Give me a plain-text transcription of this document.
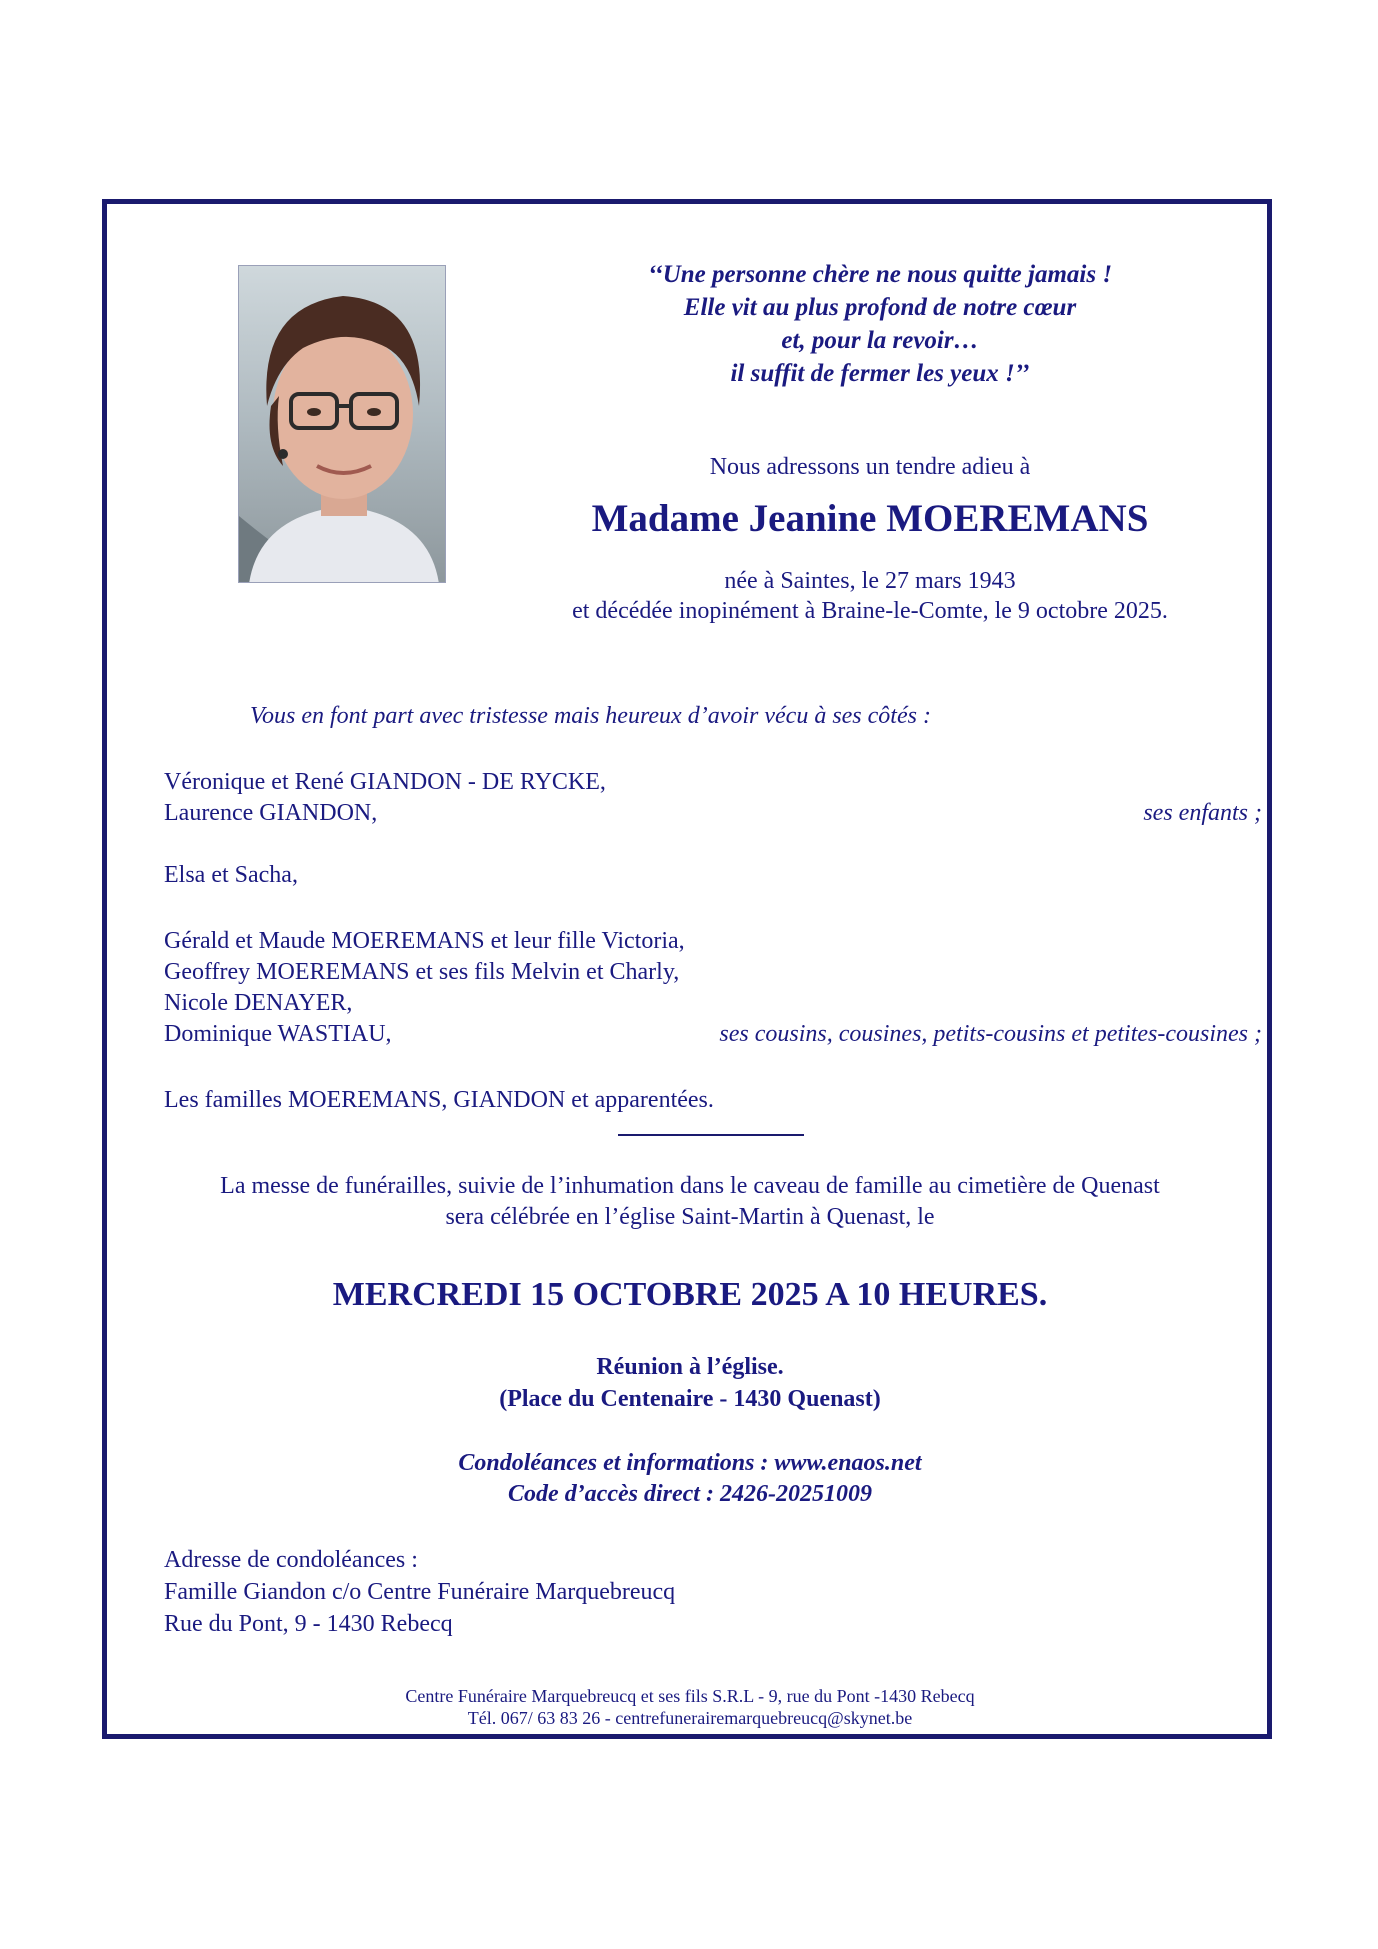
‘‘Une personne chère ne nous quitte jamais !
Elle vit au plus profond de notre cœur
et, pour la revoir…
il suffit de fermer les yeux !’’

Nous adressons un tendre adieu à

Madame Jeanine MOEREMANS

née à Saintes, le 27 mars 1943

et décédée inopinément à Braine-le-Comte, le 9 octobre 2025.

Vous en font part avec tristesse mais heureux d’avoir vécu à ses côtés :

Véronique et René GIANDON - DE RYCKE,

Laurence GIANDON,	ses enfants ;

Elsa et Sacha,

Gérald et Maude MOEREMANS et leur fille Victoria,

Geoffrey MOEREMANS et ses fils Melvin et Charly,

Nicole DENAYER,

Dominique WASTIAU,	ses cousins, cousines, petits-cousins et petites-cousines ;

Les familles MOEREMANS, GIANDON et apparentées.

La messe de funérailles, suivie de l’inhumation dans le caveau de famille au cimetière de Quenast

sera célébrée en l’église Saint-Martin à Quenast, le

MERCREDI 15 OCTOBRE 2025 A 10 HEURES.

Réunion à l’église.

(Place du Centenaire - 1430 Quenast)

Condoléances et informations : www.enaos.net

Code d’accès direct : 2426-20251009

Adresse de condoléances :

Famille Giandon c/o Centre Funéraire Marquebreucq

Rue du Pont, 9 - 1430 Rebecq

Centre Funéraire Marquebreucq et ses fils S.R.L - 9, rue du Pont -1430 Rebecq

Tél. 067/ 63 83 26 - centrefunerairemarquebreucq@skynet.be
